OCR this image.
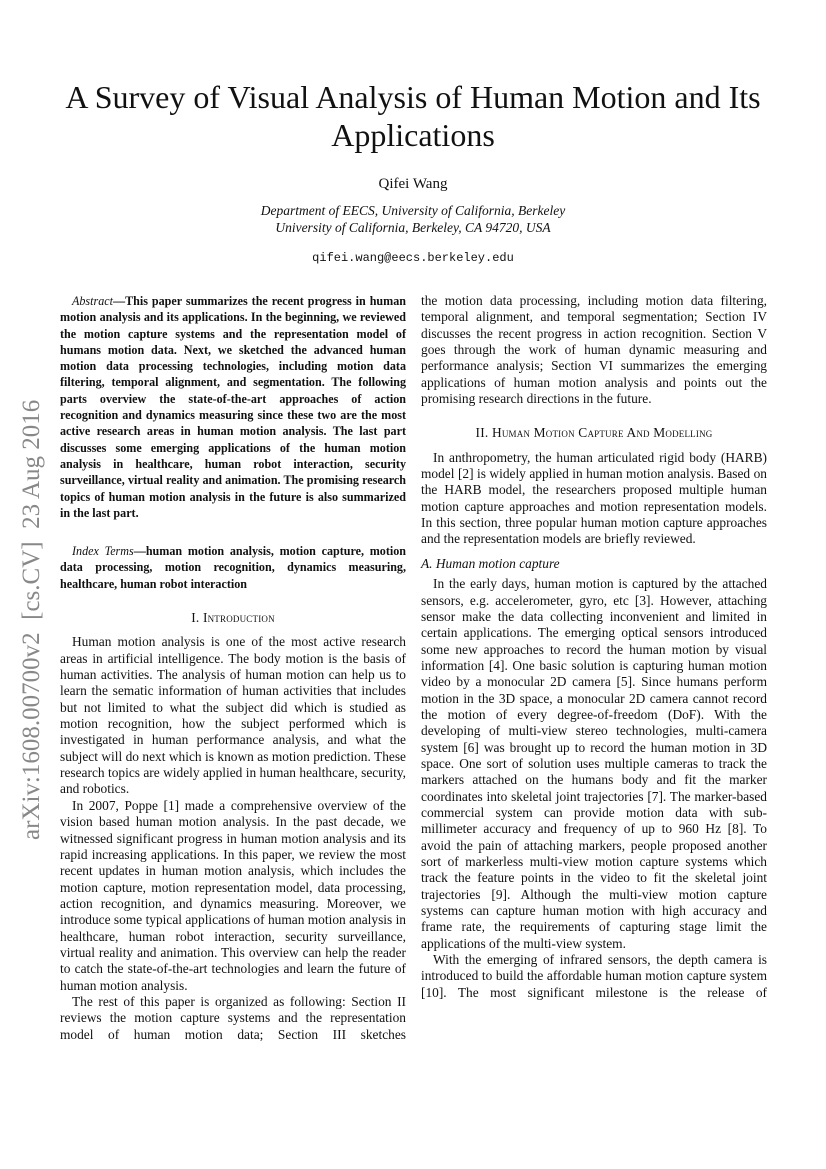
arXiv:1608.00700v2  [cs.CV]  23 Aug 2016
A Survey of Visual Analysis of Human Motion and Its Applications
Qifei Wang
Department of EECS, University of California, Berkeley
University of California, Berkeley, CA 94720, USA
qifei.wang@eecs.berkeley.edu

Abstract—This paper summarizes the recent progress in human motion analysis and its applications. In the beginning, we reviewed the motion capture systems and the representation model of humans motion data. Next, we sketched the advanced human motion data processing technologies, including motion data filtering, temporal alignment, and segmentation. The following parts overview the state-of-the-art approaches of action recognition and dynamics measuring since these two are the most active research areas in human motion analysis. The last part discusses some emerging applications of the human motion analysis in healthcare, human robot interaction, security surveillance, virtual reality and animation. The promising research topics of human motion analysis in the future is also summarized in the last part.

Index Terms—human motion analysis, motion capture, motion data processing, motion recognition, dynamics measuring, healthcare, human robot interaction

I. Introduction

Human motion analysis is one of the most active research areas in artificial intelligence. The body motion is the basis of human activities. The analysis of human motion can help us to learn the sematic information of human activities that includes but not limited to what the subject did which is studied as motion recognition, how the subject performed which is investigated in human performance analysis, and what the subject will do next which is known as motion prediction. These research topics are widely applied in human healthcare, security, and robotics.

In 2007, Poppe [1] made a comprehensive overview of the vision based human motion analysis. In the past decade, we witnessed significant progress in human motion analysis and its rapid increasing applications. In this paper, we review the most recent updates in human motion analysis, which includes the motion capture, motion representation model, data processing, action recognition, and dynamics measuring. Moreover, we introduce some typical applications of human motion analysis in healthcare, human robot interaction, security surveillance, virtual reality and animation. This overview can help the reader to catch the state-of-the-art technologies and learn the future of human motion analysis.

The rest of this paper is organized as following: Section II reviews the motion capture systems and the representation model of human motion data; Section III sketches

the motion data processing, including motion data filtering, temporal alignment, and temporal segmentation; Section IV discusses the recent progress in action recognition. Section V goes through the work of human dynamic measuring and performance analysis; Section VI summarizes the emerging applications of human motion analysis and points out the promising research directions in the future.

II. Human Motion Capture And Modelling

In anthropometry, the human articulated rigid body (HARB) model [2] is widely applied in human motion analysis. Based on the HARB model, the researchers proposed multiple human motion capture approaches and motion representation models. In this section, three popular human motion capture approaches and the representation models are briefly reviewed.

A. Human motion capture

In the early days, human motion is captured by the attached sensors, e.g. accelerometer, gyro, etc [3]. However, attaching sensor make the data collecting inconvenient and limited in certain applications. The emerging optical sensors introduced some new approaches to record the human motion by visual information [4]. One basic solution is capturing human motion video by a monocular 2D camera [5]. Since humans perform motion in the 3D space, a monocular 2D camera cannot record the motion of every degree-of-freedom (DoF). With the developing of multi-view stereo technologies, multi-camera system [6] was brought up to record the human motion in 3D space. One sort of solution uses multiple cameras to track the markers attached on the humans body and fit the marker coordinates into skeletal joint trajectories [7]. The marker-based commercial system can provide motion data with sub-millimeter accuracy and frequency of up to 960 Hz [8]. To avoid the pain of attaching markers, people proposed another sort of markerless multi-view motion capture systems which track the feature points in the video to fit the skeletal joint trajectories [9]. Although the multi-view motion capture systems can capture human motion with high accuracy and frame rate, the requirements of capturing stage limit the applications of the multi-view system.

With the emerging of infrared sensors, the depth camera is introduced to build the affordable human motion capture system [10]. The most significant milestone is the release of
